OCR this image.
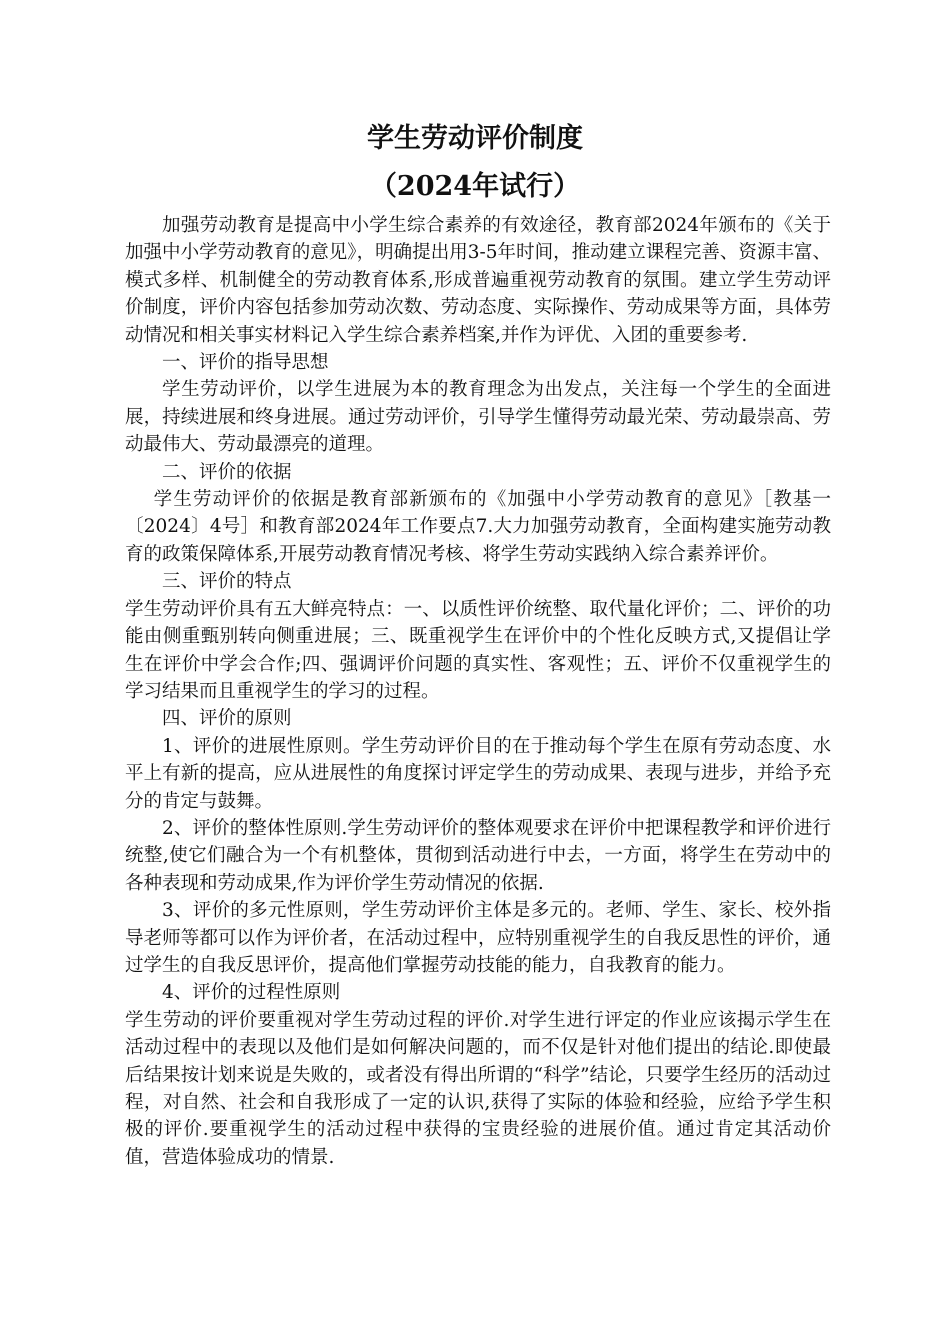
学生劳动评价制度
（2024年试行）

加强劳动教育是提高中小学生综合素养的有效途径，教育部2024年颁布的《关于加强中小学劳动教育的意见》，明确提出用3-5年时间，推动建立课程完善、资源丰富、模式多样、机制健全的劳动教育体系,形成普遍重视劳动教育的氛围。建立学生劳动评价制度，评价内容包括参加劳动次数、劳动态度、实际操作、劳动成果等方面，具体劳动情况和相关事实材料记入学生综合素养档案,并作为评优、入团的重要参考.

一、评价的指导思想

学生劳动评价，以学生进展为本的教育理念为出发点，关注每一个学生的全面进展，持续进展和终身进展。通过劳动评价，引导学生懂得劳动最光荣、劳动最崇高、劳动最伟大、劳动最漂亮的道理。

二、评价的依据

学生劳动评价的依据是教育部新颁布的《加强中小学劳动教育的意见》［教基一〔2024〕4号］和教育部2024年工作要点7.大力加强劳动教育，全面构建实施劳动教育的政策保障体系,开展劳动教育情况考核、将学生劳动实践纳入综合素养评价。

三、评价的特点

学生劳动评价具有五大鲜亮特点：一、以质性评价统整、取代量化评价；二、评价的功能由侧重甄别转向侧重进展；三、既重视学生在评价中的个性化反映方式,又提倡让学生在评价中学会合作;四、强调评价问题的真实性、客观性；五、评价不仅重视学生的学习结果而且重视学生的学习的过程。

四、评价的原则

1、评价的进展性原则。学生劳动评价目的在于推动每个学生在原有劳动态度、水平上有新的提高，应从进展性的角度探讨评定学生的劳动成果、表现与进步，并给予充分的肯定与鼓舞。

2、评价的整体性原则.学生劳动评价的整体观要求在评价中把课程教学和评价进行统整,使它们融合为一个有机整体，贯彻到活动进行中去，一方面，将学生在劳动中的各种表现和劳动成果,作为评价学生劳动情况的依据.

3、评价的多元性原则，学生劳动评价主体是多元的。老师、学生、家长、校外指导老师等都可以作为评价者，在活动过程中，应特别重视学生的自我反思性的评价，通过学生的自我反思评价，提高他们掌握劳动技能的能力，自我教育的能力。

4、评价的过程性原则

学生劳动的评价要重视对学生劳动过程的评价.对学生进行评定的作业应该揭示学生在活动过程中的表现以及他们是如何解决问题的，而不仅是针对他们提出的结论.即使最后结果按计划来说是失败的，或者没有得出所谓的“科学”结论，只要学生经历的活动过程，对自然、社会和自我形成了一定的认识,获得了实际的体验和经验，应给予学生积极的评价.要重视学生的活动过程中获得的宝贵经验的进展价值。通过肯定其活动价值，营造体验成功的情景.
